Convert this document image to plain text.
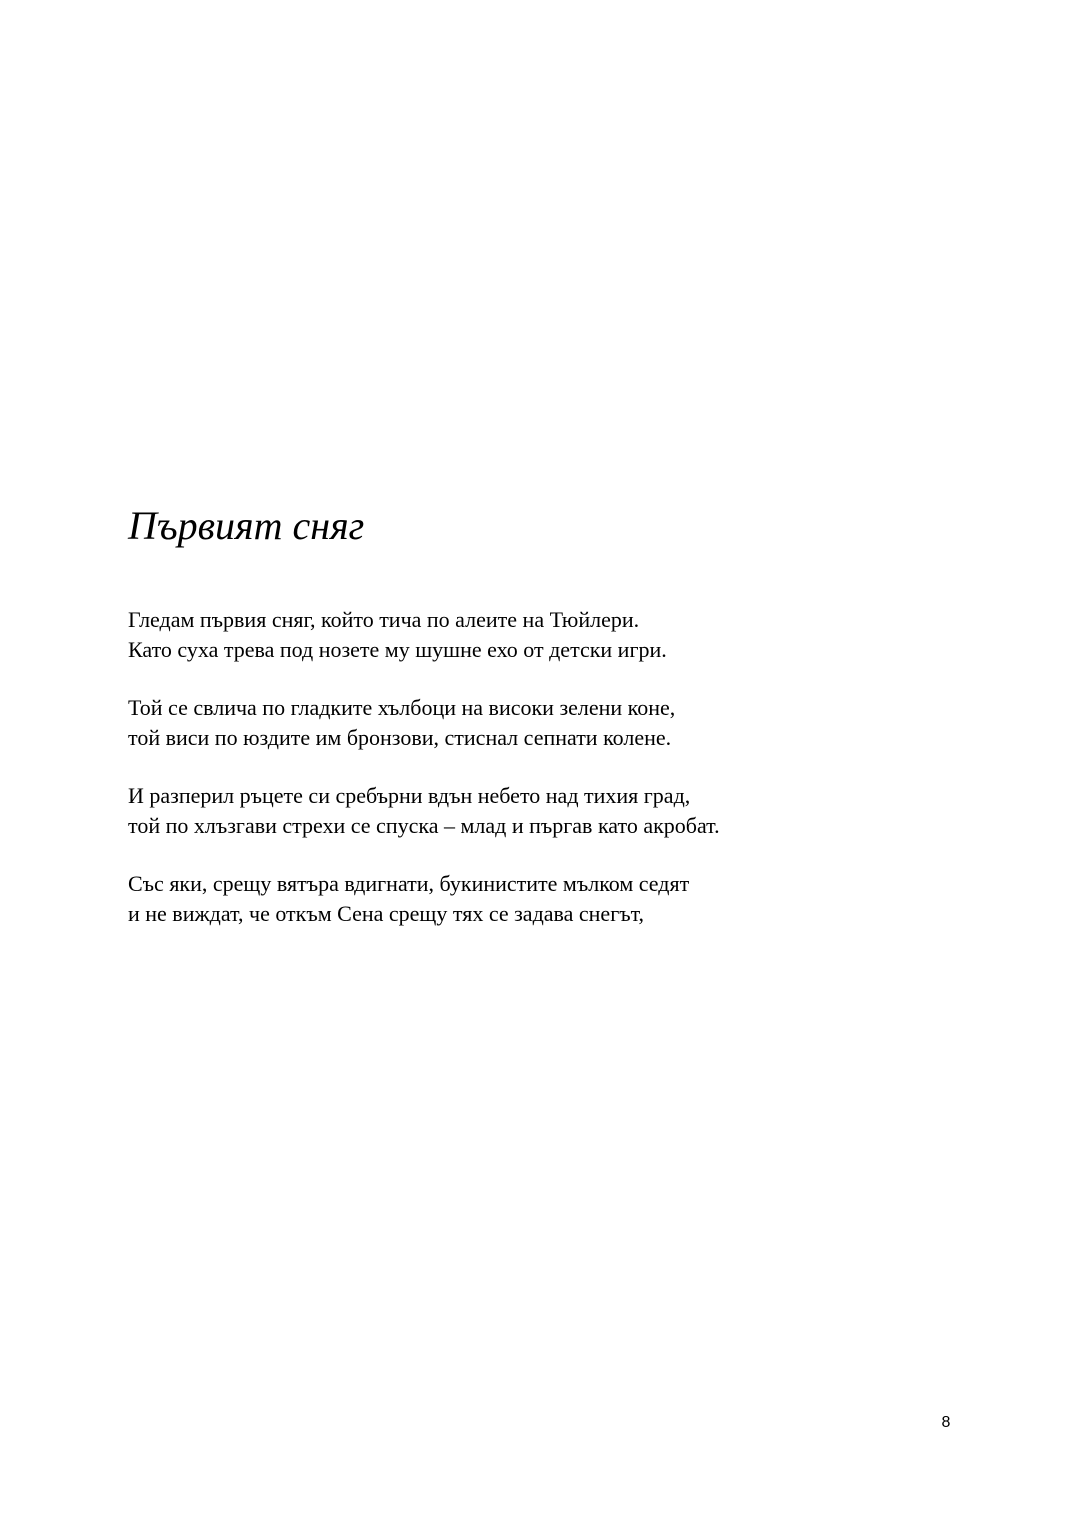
Първият сняг

Гледам първия сняг, който тича по алеите на Тюйлери.
Като суха трева под нозете му шушне ехо от детски игри.

Той се свлича по гладките хълбоци на високи зелени коне,
той виси по юздите им бронзови, стиснал сепнати колене.

И разперил ръцете си сребърни вдън небето над тихия град,
той по хлъзгави стрехи се спуска – млад и пъргав като акробат.

Със яки, срещу вятъра вдигнати, букинистите мълком седят
и не виждат, че откъм Сена срещу тях се задава снегът,

8
